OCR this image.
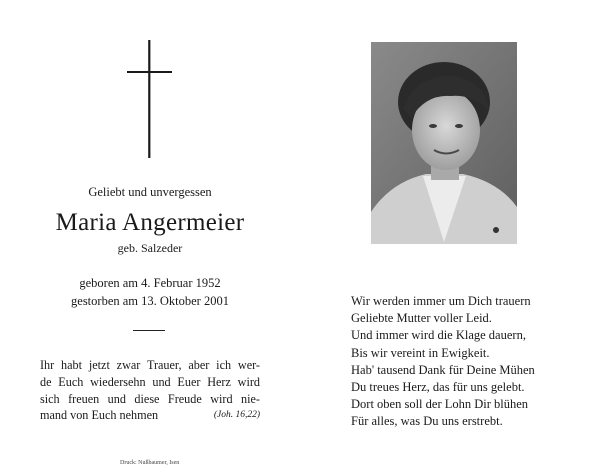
Geliebt und unvergessen
Maria Angermeier
geb. Salzeder
geboren am 4. Februar 1952
gestorben am 13. Oktober 2001
Ihr habt jetzt zwar Trauer, aber ich wer-
de Euch wiedersehn und Euer Herz wird
sich freuen und diese Freude wird nie-
mand von Euch nehmen	(Joh. 16,22)
Druck: Nußbaumer, Isen
Wir werden immer um Dich trauern
Geliebte Mutter voller Leid.
Und immer wird die Klage dauern,
Bis wir vereint in Ewigkeit.
Hab' tausend Dank für Deine Mühen
Du treues Herz, das für uns gelebt.
Dort oben soll der Lohn Dir blühen
Für alles, was Du uns erstrebt.
